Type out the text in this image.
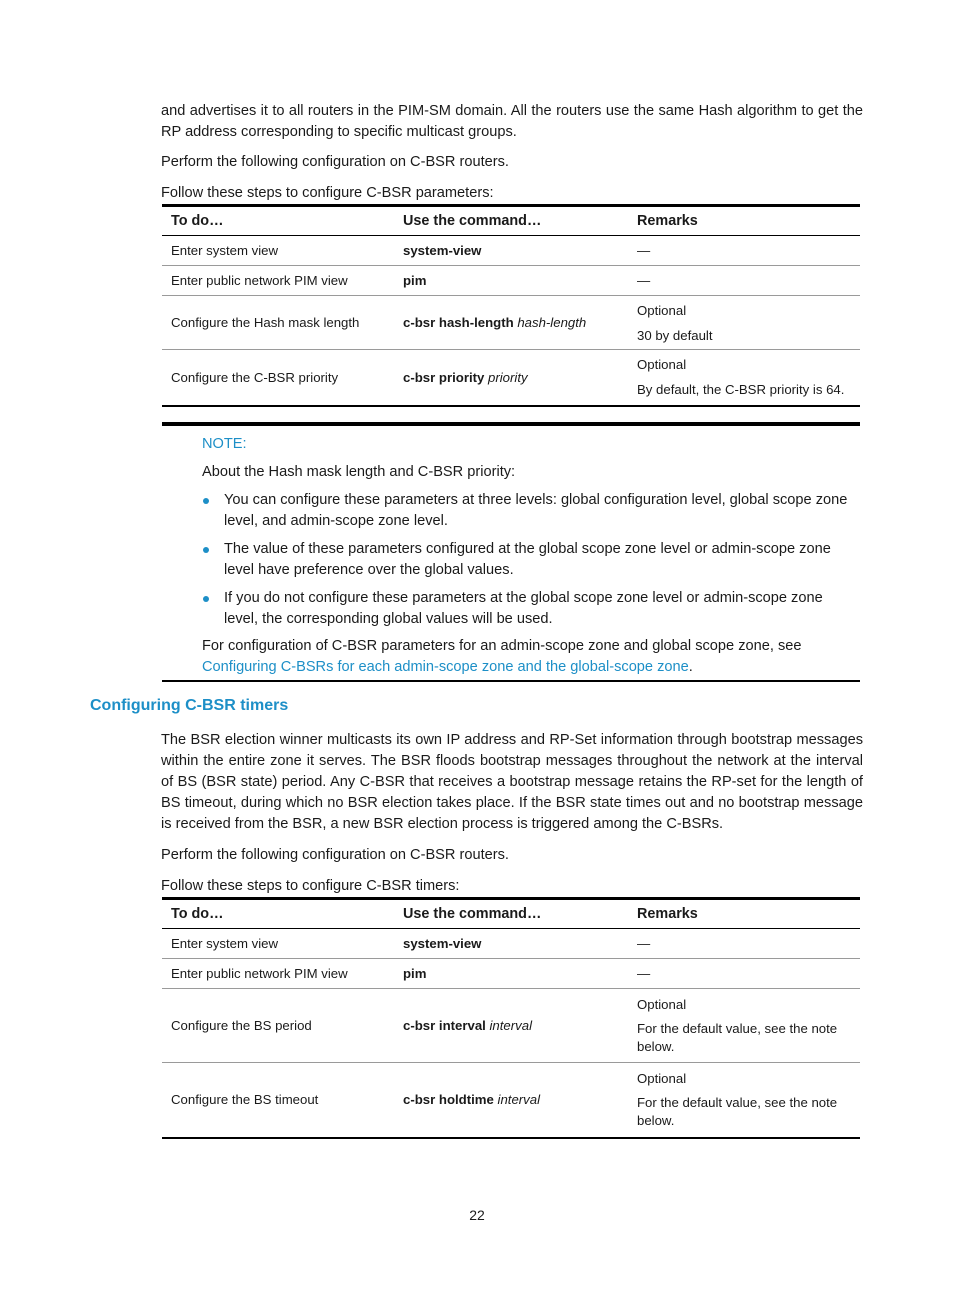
and advertises it to all routers in the PIM-SM domain. All the routers use the same Hash algorithm to get the RP address corresponding to specific multicast groups.

Perform the following configuration on C-BSR routers.

Follow these steps to configure C-BSR parameters:

To do…	Use the command…	Remarks
Enter system view	system-view	—

Enter public network PIM view	pim	—

Configure the Hash mask length	c-bsr hash-length hash-length	Optional
30 by default

Configure the C-BSR priority	c-bsr priority priority	Optional
By default, the C-BSR priority is 64.
NOTE:

About the Hash mask length and C-BSR priority:

You can configure these parameters at three levels: global configuration level, global scope zone level, and admin-scope zone level.

The value of these parameters configured at the global scope zone level or admin-scope zone level have preference over the global values.

If you do not configure these parameters at the global scope zone level or admin-scope zone level, the corresponding global values will be used.

For configuration of C-BSR parameters for an admin-scope zone and global scope zone, see
Configuring C-BSRs for each admin-scope zone and the global-scope zone.

Configuring C-BSR timers

The BSR election winner multicasts its own IP address and RP-Set information through bootstrap messages within the entire zone it serves. The BSR floods bootstrap messages throughout the network at the interval of BS (BSR state) period. Any C-BSR that receives a bootstrap message retains the RP-set for the length of BS timeout, during which no BSR election takes place. If the BSR state times out and no bootstrap message is received from the BSR, a new BSR election process is triggered among the C-BSRs.

Perform the following configuration on C-BSR routers.

Follow these steps to configure C-BSR timers:

To do…	Use the command…	Remarks
Enter system view	system-view	—

Enter public network PIM view	pim	—

Configure the BS period	c-bsr interval interval	Optional
For the default value, see the note below.

Configure the BS timeout	c-bsr holdtime interval	Optional
For the default value, see the note below.
22
